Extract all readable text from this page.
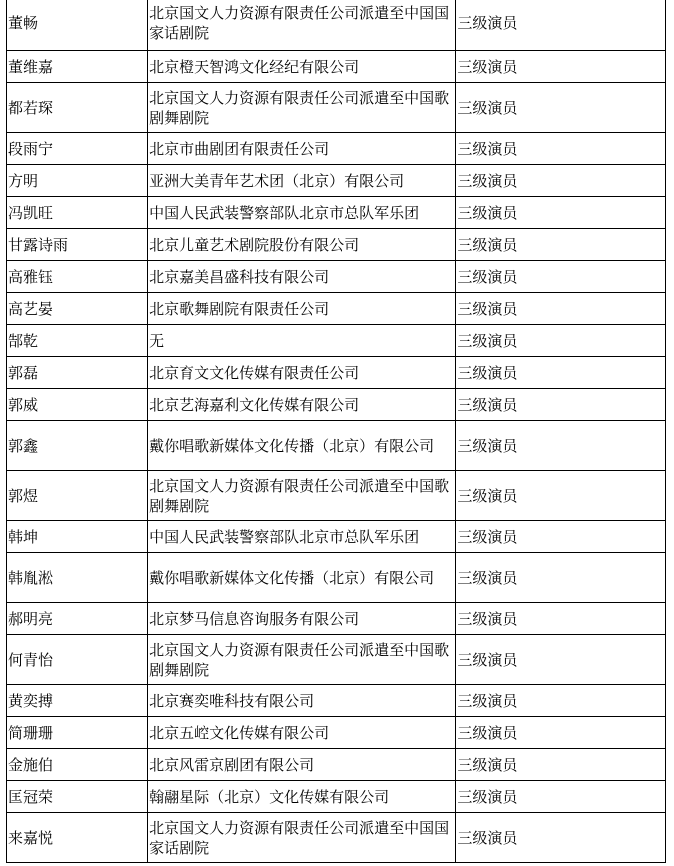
董畅	北京国文人力资源有限责任公司派遣至中国国家话剧院	三级演员
董维嘉	北京橙天智鸿文化经纪有限公司	三级演员
都若琛	北京国文人力资源有限责任公司派遣至中国歌剧舞剧院	三级演员
段雨宁	北京市曲剧团有限责任公司	三级演员
方明	亚洲大美青年艺术团（北京）有限公司	三级演员
冯凯旺	中国人民武装警察部队北京市总队军乐团	三级演员
甘露诗雨	北京儿童艺术剧院股份有限公司	三级演员
高雅钰	北京嘉美昌盛科技有限公司	三级演员
高艺晏	北京歌舞剧院有限责任公司	三级演员
郜乾	无	三级演员
郭磊	北京育文文化传媒有限责任公司	三级演员
郭威	北京艺海嘉利文化传媒有限公司	三级演员
郭鑫	戴你唱歌新媒体文化传播（北京）有限公司	三级演员
郭煜	北京国文人力资源有限责任公司派遣至中国歌剧舞剧院	三级演员
韩坤	中国人民武装警察部队北京市总队军乐团	三级演员
韩胤淞	戴你唱歌新媒体文化传播（北京）有限公司	三级演员
郝明亮	北京梦马信息咨询服务有限公司	三级演员
何青怡	北京国文人力资源有限责任公司派遣至中国歌剧舞剧院	三级演员
黄奕搏	北京赛奕唯科技有限公司	三级演员
简珊珊	北京五崆文化传媒有限公司	三级演员
金施伯	北京风雷京剧团有限公司	三级演员
匡冠荣	翰翮星际（北京）文化传媒有限公司	三级演员
来嘉悦	北京国文人力资源有限责任公司派遣至中国国家话剧院	三级演员
